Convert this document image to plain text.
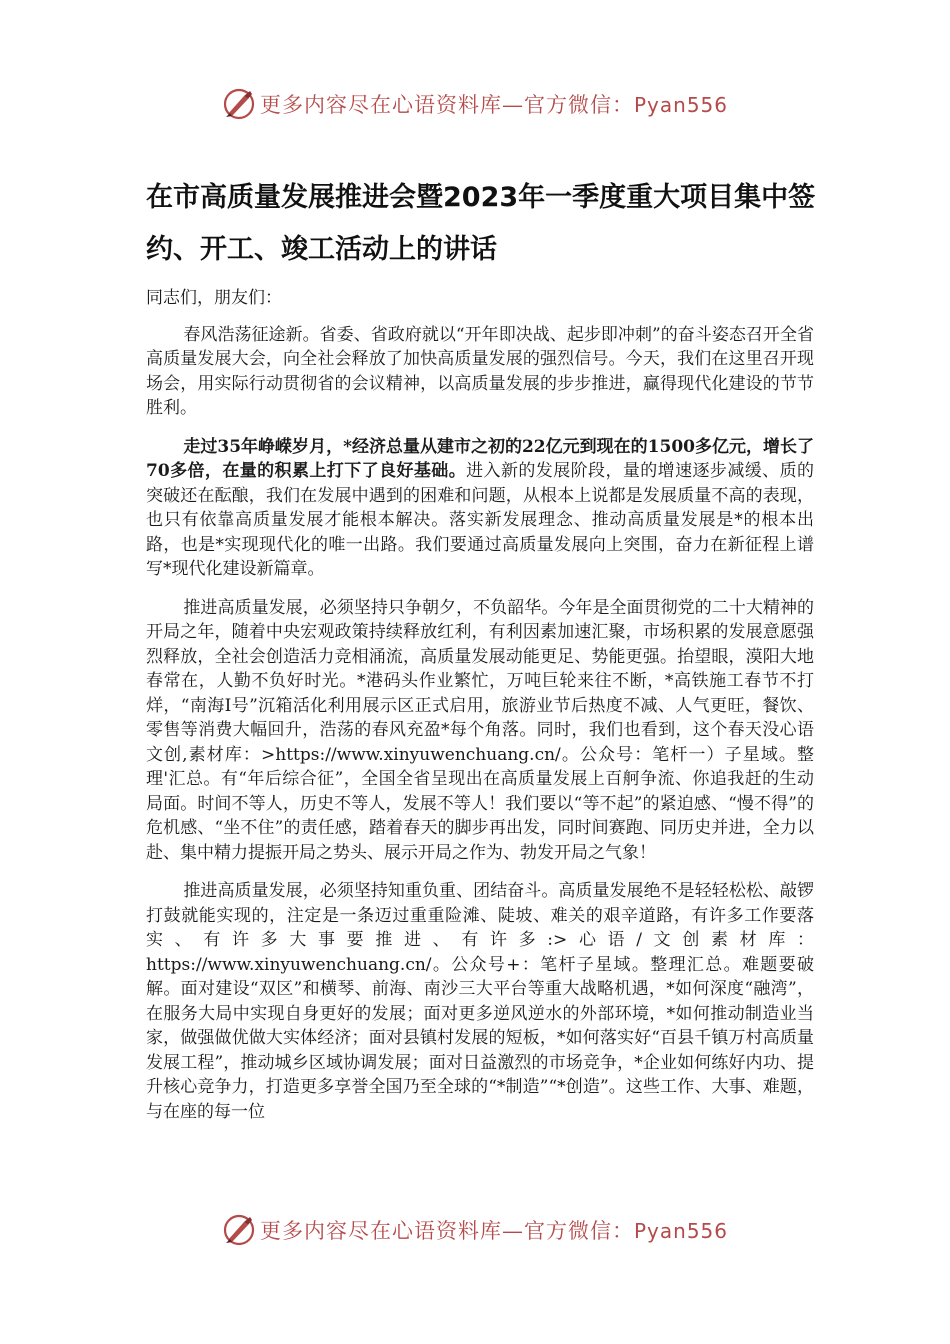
更多内容尽在心语资料库—官方微信：Pyan556
在市高质量发展推进会暨2023年一季度重大项目集中签约、开工、竣工活动上的讲话

同志们，朋友们：

春风浩荡征途新。省委、省政府就以“开年即决战、起步即冲刺”的奋斗姿态召开全省高质量发展大会，向全社会释放了加快高质量发展的强烈信号。今天，我们在这里召开现场会，用实际行动贯彻省的会议精神，以高质量发展的步步推进，赢得现代化建设的节节胜利。

走过35年峥嵘岁月，*经济总量从建市之初的22亿元到现在的1500多亿元，增长了70多倍，在量的积累上打下了良好基础。进入新的发展阶段，量的增速逐步减缓、质的突破还在酝酿，我们在发展中遇到的困难和问题，从根本上说都是发展质量不高的表现，也只有依靠高质量发展才能根本解决。落实新发展理念、推动高质量发展是*的根本出路，也是*实现现代化的唯一出路。我们要通过高质量发展向上突围，奋力在新征程上谱写*现代化建设新篇章。

推进高质量发展，必须坚持只争朝夕，不负韶华。今年是全面贯彻党的二十大精神的开局之年，随着中央宏观政策持续释放红利，有利因素加速汇聚，市场积累的发展意愿强烈释放，全社会创造活力竞相涌流，高质量发展动能更足、势能更强。抬望眼，漠阳大地春常在，人勤不负好时光。*港码头作业繁忙，万吨巨轮来往不断，*高铁施工春节不打烊，“南海Ⅰ号”沉箱活化利用展示区正式启用，旅游业节后热度不减、人气更旺，餐饮、零售等消费大幅回升，浩荡的春风充盈*每个角落。同时，我们也看到，这个春天没心语文创,素材库：>https://www.xinyuwenchuang.cn/。公众号：笔杆一）子星域。整理'汇总。有“年后综合征”，全国全省呈现出在高质量发展上百舸争流、你追我赶的生动局面。时间不等人，历史不等人，发展不等人！我们要以“等不起”的紧迫感、“慢不得”的危机感、“坐不住”的责任感，踏着春天的脚步再出发，同时间赛跑、同历史并进，全力以赴、集中精力提振开局之势头、展示开局之作为、勃发开局之气象！

推进高质量发展，必须坚持知重负重、团结奋斗。高质量发展绝不是轻轻松松、敲锣打鼓就能实现的，注定是一条迈过重重险滩、陡坡、难关的艰辛道路，有许多工作要落实、有许多大事要推进、有许多:>心语/文创素材库：https://www.xinyuwenchuang.cn/。公众号+：笔杆子星域。整理汇总。难题要破解。面对建设“双区”和横琴、前海、南沙三大平台等重大战略机遇，*如何深度“融湾”，在服务大局中实现自身更好的发展；面对更多逆风逆水的外部环境，*如何推动制造业当家，做强做优做大实体经济；面对县镇村发展的短板，*如何落实好“百县千镇万村高质量发展工程”，推动城乡区域协调发展；面对日益激烈的市场竞争，*企业如何练好内功、提升核心竞争力，打造更多享誉全国乃至全球的“*制造”“*创造”。这些工作、大事、难题，与在座的每一位

更多内容尽在心语资料库—官方微信：Pyan556
